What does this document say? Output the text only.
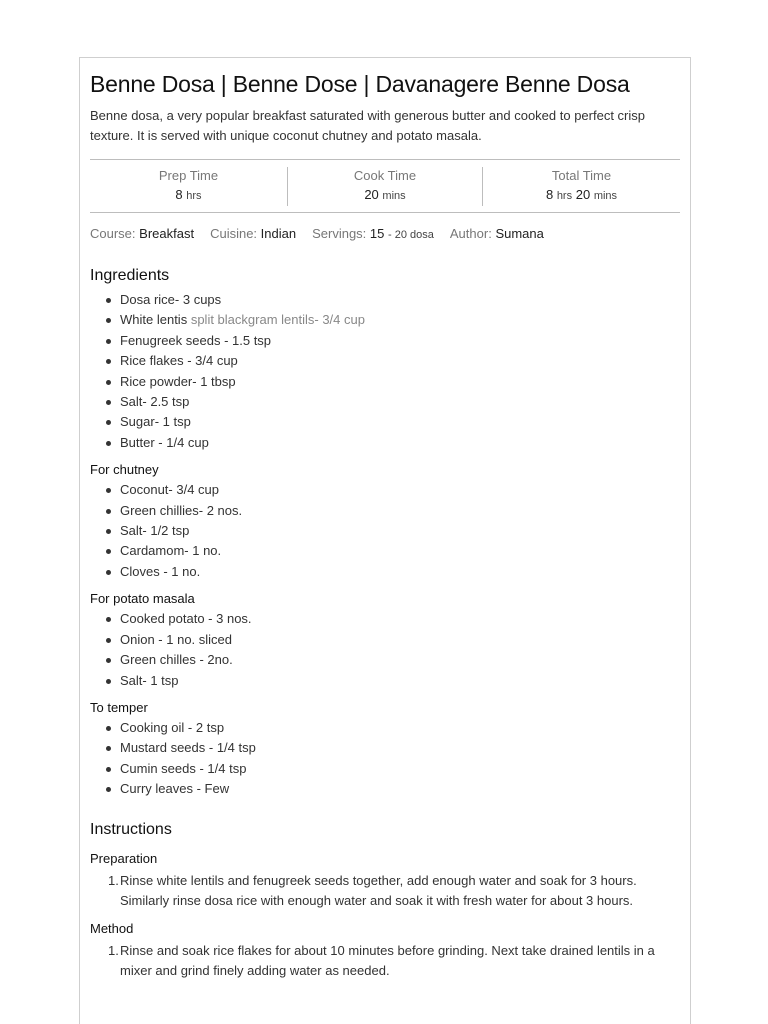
Benne Dosa | Benne Dose | Davanagere Benne Dosa

Benne dosa, a very popular breakfast saturated with generous butter and cooked to perfect crisp texture. It is served with unique coconut chutney and potato masala.

Prep Time
8 hrs
Cook Time
20 mins
Total Time
8 hrs 20 mins
Course: Breakfast Cuisine: Indian Servings: 15 - 20 dosa Author: Sumana
Ingredients
Dosa rice- 3 cups
White lentis split blackgram lentils- 3/4 cup
Fenugreek seeds - 1.5 tsp
Rice flakes - 3/4 cup
Rice powder- 1 tbsp
Salt- 2.5 tsp
Sugar- 1 tsp
Butter - 1/4 cup
For chutney
Coconut- 3/4 cup
Green chillies- 2 nos.
Salt- 1/2 tsp
Cardamom- 1 no.
Cloves - 1 no.
For potato masala
Cooked potato - 3 nos.
Onion - 1 no. sliced
Green chilles - 2no.
Salt- 1 tsp
To temper
Cooking oil - 2 tsp
Mustard seeds - 1/4 tsp
Cumin seeds - 1/4 tsp
Curry leaves - Few
Instructions
Preparation
1. Rinse white lentils and fenugreek seeds together, add enough water and soak for 3 hours. Similarly rinse dosa rice with enough water and soak it with fresh water for about 3 hours.
Method
1. Rinse and soak rice flakes for about 10 minutes before grinding. Next take drained lentils in a mixer and grind finely adding water as needed.
